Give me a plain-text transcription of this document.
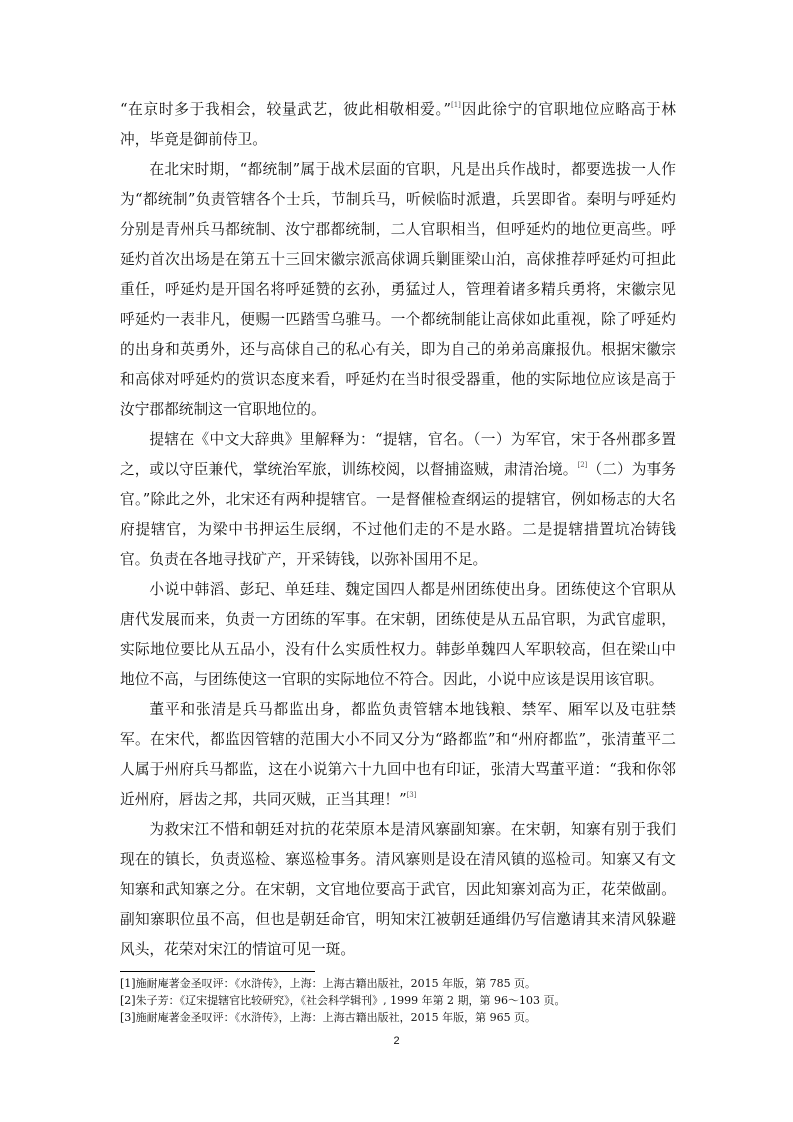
“在京时多于我相会，较量武艺，彼此相敬相爱。”[1]因此徐宁的官职地位应略高于林冲，毕竟是御前侍卫。

在北宋时期，“都统制”属于战术层面的官职，凡是出兵作战时，都要选拔一人作为“都统制”负责管辖各个士兵，节制兵马，听候临时派遣，兵罢即省。秦明与呼延灼分别是青州兵马都统制、汝宁郡都统制，二人官职相当，但呼延灼的地位更高些。呼延灼首次出场是在第五十三回宋徽宗派高俅调兵剿匪梁山泊，高俅推荐呼延灼可担此重任，呼延灼是开国名将呼延赞的玄孙，勇猛过人，管理着诸多精兵勇将，宋徽宗见呼延灼一表非凡，便赐一匹踏雪乌骓马。一个都统制能让高俅如此重视，除了呼延灼的出身和英勇外，还与高俅自己的私心有关，即为自己的弟弟高廉报仇。根据宋徽宗和高俅对呼延灼的赏识态度来看，呼延灼在当时很受器重，他的实际地位应该是高于汝宁郡都统制这一官职地位的。

提辖在《中文大辞典》里解释为：“提辖，官名。（一）为军官，宋于各州郡多置之，或以守臣兼代，掌统治军旅，训练校阅，以督捕盗贼，肃清治境。[2]（二）为事务官。”除此之外，北宋还有两种提辖官。一是督催检查纲运的提辖官，例如杨志的大名府提辖官，为梁中书押运生辰纲，不过他们走的不是水路。二是提辖措置坑冶铸钱官。负责在各地寻找矿产，开采铸钱，以弥补国用不足。

小说中韩滔、彭玘、单廷珪、魏定国四人都是州团练使出身。团练使这个官职从唐代发展而来，负责一方团练的军事。在宋朝，团练使是从五品官职，为武官虚职，实际地位要比从五品小，没有什么实质性权力。韩彭单魏四人军职较高，但在梁山中地位不高，与团练使这一官职的实际地位不符合。因此，小说中应该是误用该官职。

董平和张清是兵马都监出身，都监负责管辖本地钱粮、禁军、厢军以及屯驻禁军。在宋代，都监因管辖的范围大小不同又分为“路都监”和“州府都监”，张清董平二人属于州府兵马都监，这在小说第六十九回中也有印证，张清大骂董平道：“我和你邻近州府，唇齿之邦，共同灭贼，正当其理！”[3]

为救宋江不惜和朝廷对抗的花荣原本是清风寨副知寨。在宋朝，知寨有别于我们现在的镇长，负责巡检、寨巡检事务。清风寨则是设在清风镇的巡检司。知寨又有文知寨和武知寨之分。在宋朝，文官地位要高于武官，因此知寨刘高为正，花荣做副。副知寨职位虽不高，但也是朝廷命官，明知宋江被朝廷通缉仍写信邀请其来清风躲避风头，花荣对宋江的情谊可见一斑。

[1]施耐庵著金圣叹评：《水浒传》，上海：上海古籍出版社，2015 年版，第 785 页。

[2]朱子芳：《辽宋提辖官比较研究》，《社会科学辑刊》, 1999 年第 2 期，第 96～103 页。

[3]施耐庵著金圣叹评：《水浒传》，上海：上海古籍出版社，2015 年版，第 965 页。

2
